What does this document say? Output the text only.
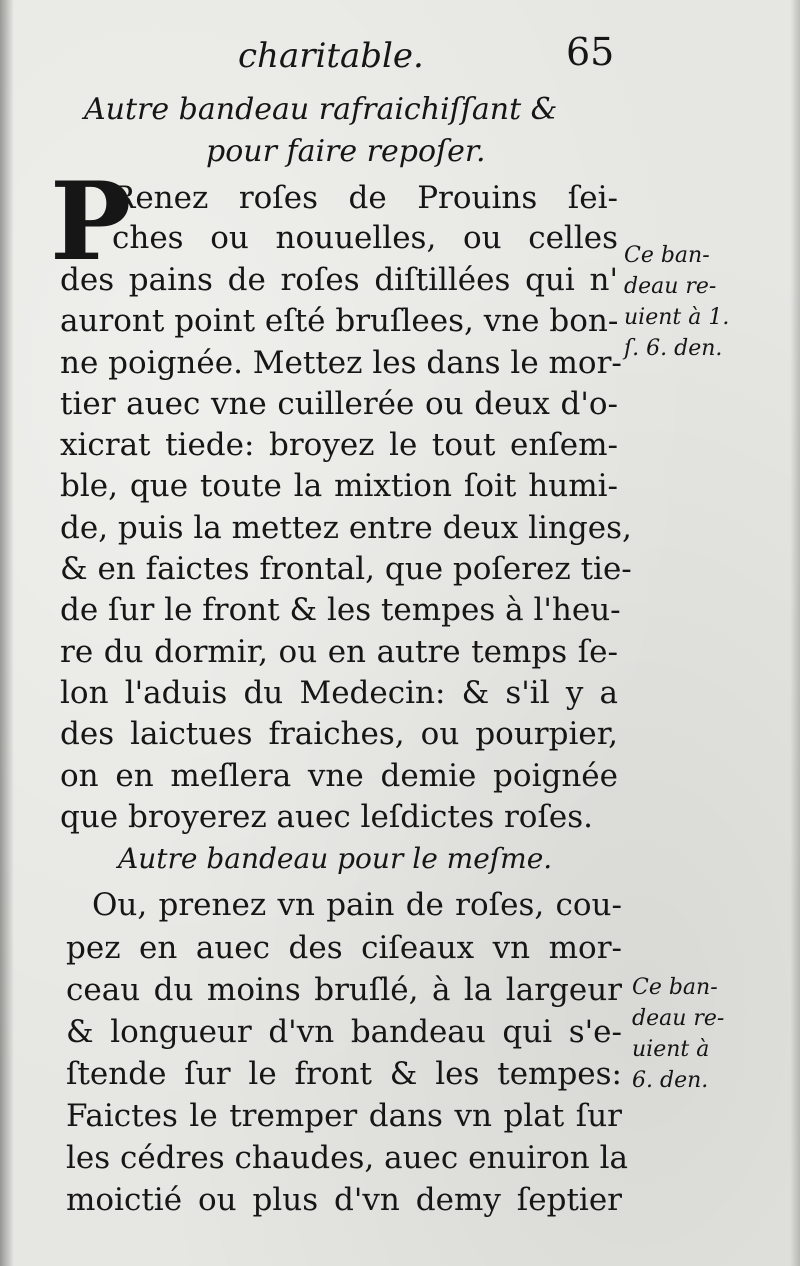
charitable.	65
Autre bandeau rafraichiſſant &
pour faire repoſer.
P
Renez roſes de Prouins ſei-
ches ou nouuelles, ou celles
des pains de roſes diſtillées qui n'
auront point eſté bruſlees, vne bon-
ne poignée. Mettez les dans le mor-
tier auec vne cuillerée ou deux d'o-
xicrat tiede: broyez le tout enſem-
ble, que toute la mixtion ſoit humi-
de, puis la mettez entre deux linges,
& en faictes frontal, que poſerez tie-
de ſur le front & les tempes à l'heu-
re du dormir, ou en autre temps ſe-
lon l'aduis du Medecin: & s'il y a
des laictues fraiches, ou pourpier,
on en meſlera vne demie poignée
que broyerez auec leſdictes roſes.
Ce ban-
deau re-
uient à 1.
ſ. 6. den.
Autre bandeau pour le meſme.
Ou, prenez vn pain de roſes, cou-
pez en auec des ciſeaux vn mor-
ceau du moins bruſlé, à la largeur
& longueur d'vn bandeau qui s'e-
ſtende ſur le front & les tempes:
Faictes le tremper dans vn plat ſur
les cédres chaudes, auec enuiron la
moictié ou plus d'vn demy ſeptier
Ce ban-
deau re-
uient à
6. den.
